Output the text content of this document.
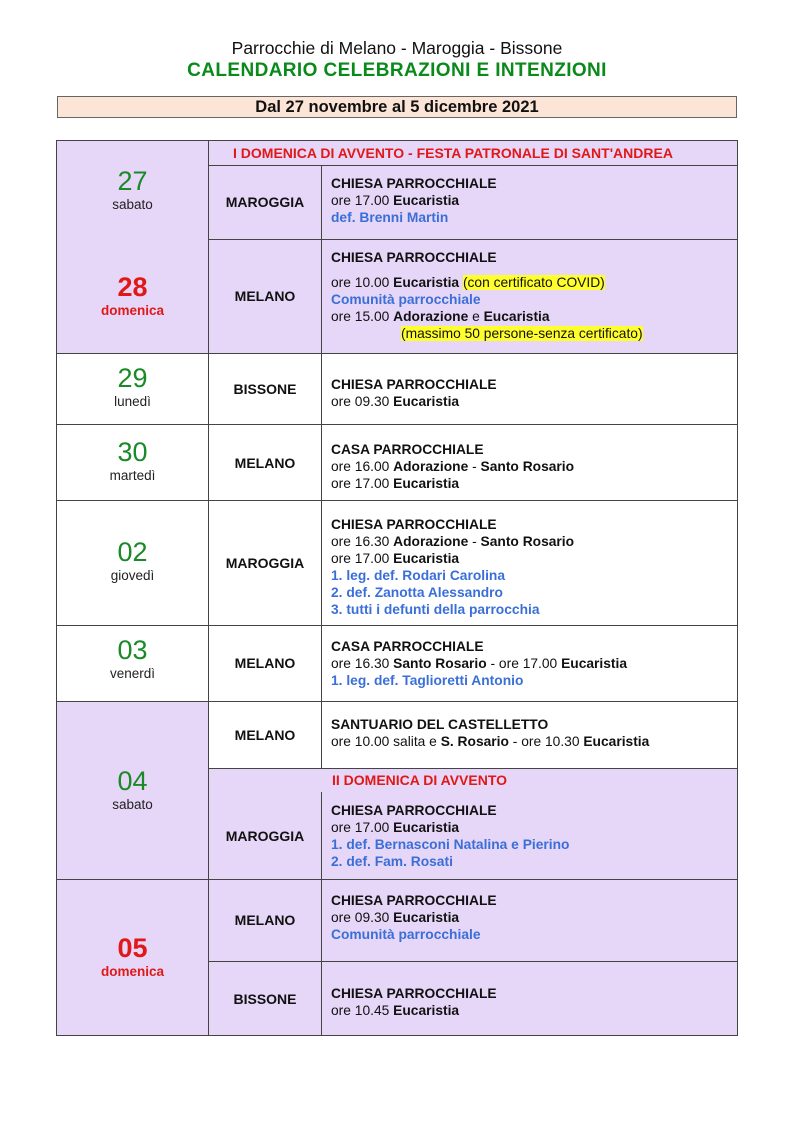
Parrocchie di Melano - Maroggia - Bissone
CALENDARIO CELEBRAZIONI E INTENZIONI
Dal 27 novembre al 5 dicembre 2021
I DOMENICA DI AVVENTO - FESTA PATRONALE DI SANT'ANDREA
II DOMENICA DI AVVENTO
27
sabato
28
domenica
29
lunedì
30
martedì
02
giovedì
03
venerdì
04
sabato
05
domenica
MAROGGIA
MELANO
BISSONE
MELANO
MAROGGIA
MELANO
MELANO
MAROGGIA
MELANO
BISSONE
CHIESA PARROCCHIALE
ore 17.00 Eucaristia
def. Brenni Martin
CHIESA PARROCCHIALE
ore 10.00 Eucaristia (con certificato COVID)
Comunità parrocchiale
ore 15.00 Adorazione e Eucaristia
(massimo 50 persone-senza certificato)
CHIESA PARROCCHIALE
ore 09.30 Eucaristia
CASA PARROCCHIALE
ore 16.00 Adorazione - Santo Rosario
ore 17.00 Eucaristia
CHIESA PARROCCHIALE
ore 16.30 Adorazione - Santo Rosario
ore 17.00 Eucaristia
1. leg. def. Rodari Carolina
2. def. Zanotta Alessandro
3. tutti i defunti della parrocchia
CASA PARROCCHIALE
ore 16.30 Santo Rosario - ore 17.00 Eucaristia
1. leg. def. Taglioretti Antonio
SANTUARIO DEL CASTELLETTO
ore 10.00 salita e S. Rosario - ore 10.30 Eucaristia
CHIESA PARROCCHIALE
ore 17.00 Eucaristia
1. def. Bernasconi Natalina e Pierino
2. def. Fam. Rosati
CHIESA PARROCCHIALE
ore 09.30 Eucaristia
Comunità parrocchiale
CHIESA PARROCCHIALE
ore 10.45 Eucaristia
